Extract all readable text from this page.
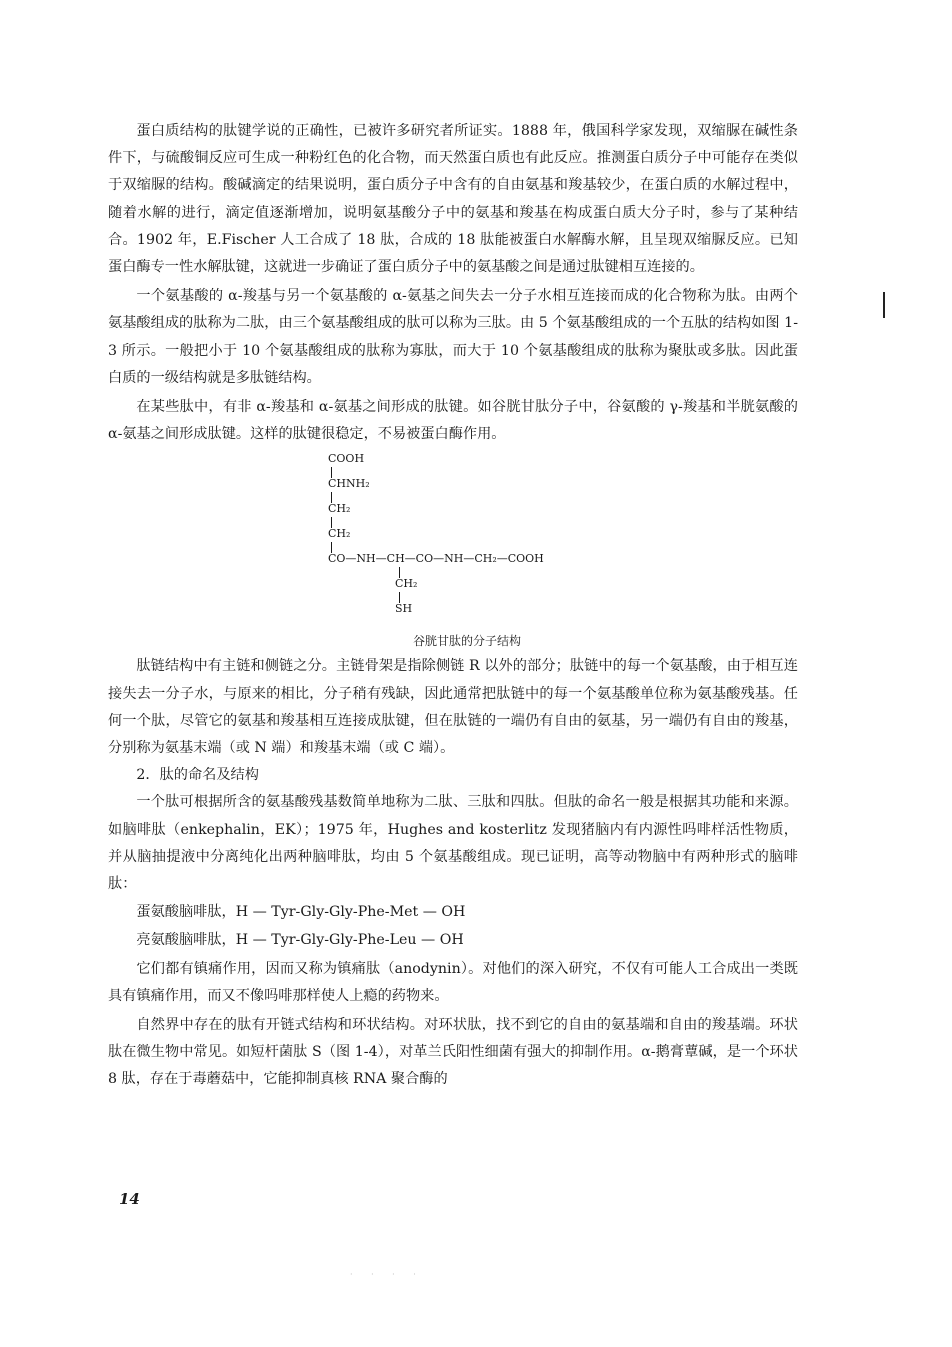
蛋白质结构的肽键学说的正确性，已被许多研究者所证实。1888 年，俄国科学家发现，双缩脲在碱性条件下，与硫酸铜反应可生成一种粉红色的化合物，而天然蛋白质也有此反应。推测蛋白质分子中可能存在类似于双缩脲的结构。酸碱滴定的结果说明，蛋白质分子中含有的自由氨基和羧基较少，在蛋白质的水解过程中，随着水解的进行，滴定值逐渐增加，说明氨基酸分子中的氨基和羧基在构成蛋白质大分子时，参与了某种结合。1902 年，E.Fischer 人工合成了 18 肽，合成的 18 肽能被蛋白水解酶水解，且呈现双缩脲反应。已知蛋白酶专一性水解肽键，这就进一步确证了蛋白质分子中的氨基酸之间是通过肽键相互连接的。

一个氨基酸的 α-羧基与另一个氨基酸的 α-氨基之间失去一分子水相互连接而成的化合物称为肽。由两个氨基酸组成的肽称为二肽，由三个氨基酸组成的肽可以称为三肽。由 5 个氨基酸组成的一个五肽的结构如图 1-3 所示。一般把小于 10 个氨基酸组成的肽称为寡肽，而大于 10 个氨基酸组成的肽称为聚肽或多肽。因此蛋白质的一级结构就是多肽链结构。

在某些肽中，有非 α-羧基和 α-氨基之间形成的肽键。如谷胱甘肽分子中，谷氨酸的 γ-羧基和半胱氨酸的 α-氨基之间形成肽键。这样的肽键很稳定，不易被蛋白酶作用。

COOH
CHNH₂
CH₂
CH₂
CO—NH—CH—CO—NH—CH₂—COOH
CH₂
SH
谷胱甘肽的分子结构

肽链结构中有主链和侧链之分。主链骨架是指除侧链 R 以外的部分；肽链中的每一个氨基酸，由于相互连接失去一分子水，与原来的相比，分子稍有残缺，因此通常把肽链中的每一个氨基酸单位称为氨基酸残基。任何一个肽，尽管它的氨基和羧基相互连接成肽键，但在肽链的一端仍有自由的氨基，另一端仍有自由的羧基，分别称为氨基末端（或 N 端）和羧基末端（或 C 端）。

2．肽的命名及结构

一个肽可根据所含的氨基酸残基数简单地称为二肽、三肽和四肽。但肽的命名一般是根据其功能和来源。如脑啡肽（enkephalin，EK）；1975 年，Hughes and kosterlitz 发现猪脑内有内源性吗啡样活性物质，并从脑抽提液中分离纯化出两种脑啡肽，均由 5 个氨基酸组成。现已证明，高等动物脑中有两种形式的脑啡肽：

蛋氨酸脑啡肽，H — Tyr-Gly-Gly-Phe-Met — OH

亮氨酸脑啡肽，H — Tyr-Gly-Gly-Phe-Leu — OH

它们都有镇痛作用，因而又称为镇痛肽（anodynin）。对他们的深入研究，不仅有可能人工合成出一类既具有镇痛作用，而又不像吗啡那样使人上瘾的药物来。

自然界中存在的肽有开链式结构和环状结构。对环状肽，找不到它的自由的氨基端和自由的羧基端。环状肽在微生物中常见。如短杆菌肽 S（图 1-4），对革兰氏阳性细菌有强大的抑制作用。α-鹅膏蕈碱，是一个环状 8 肽，存在于毒蘑菇中，它能抑制真核 RNA 聚合酶的

14
· · · ·
